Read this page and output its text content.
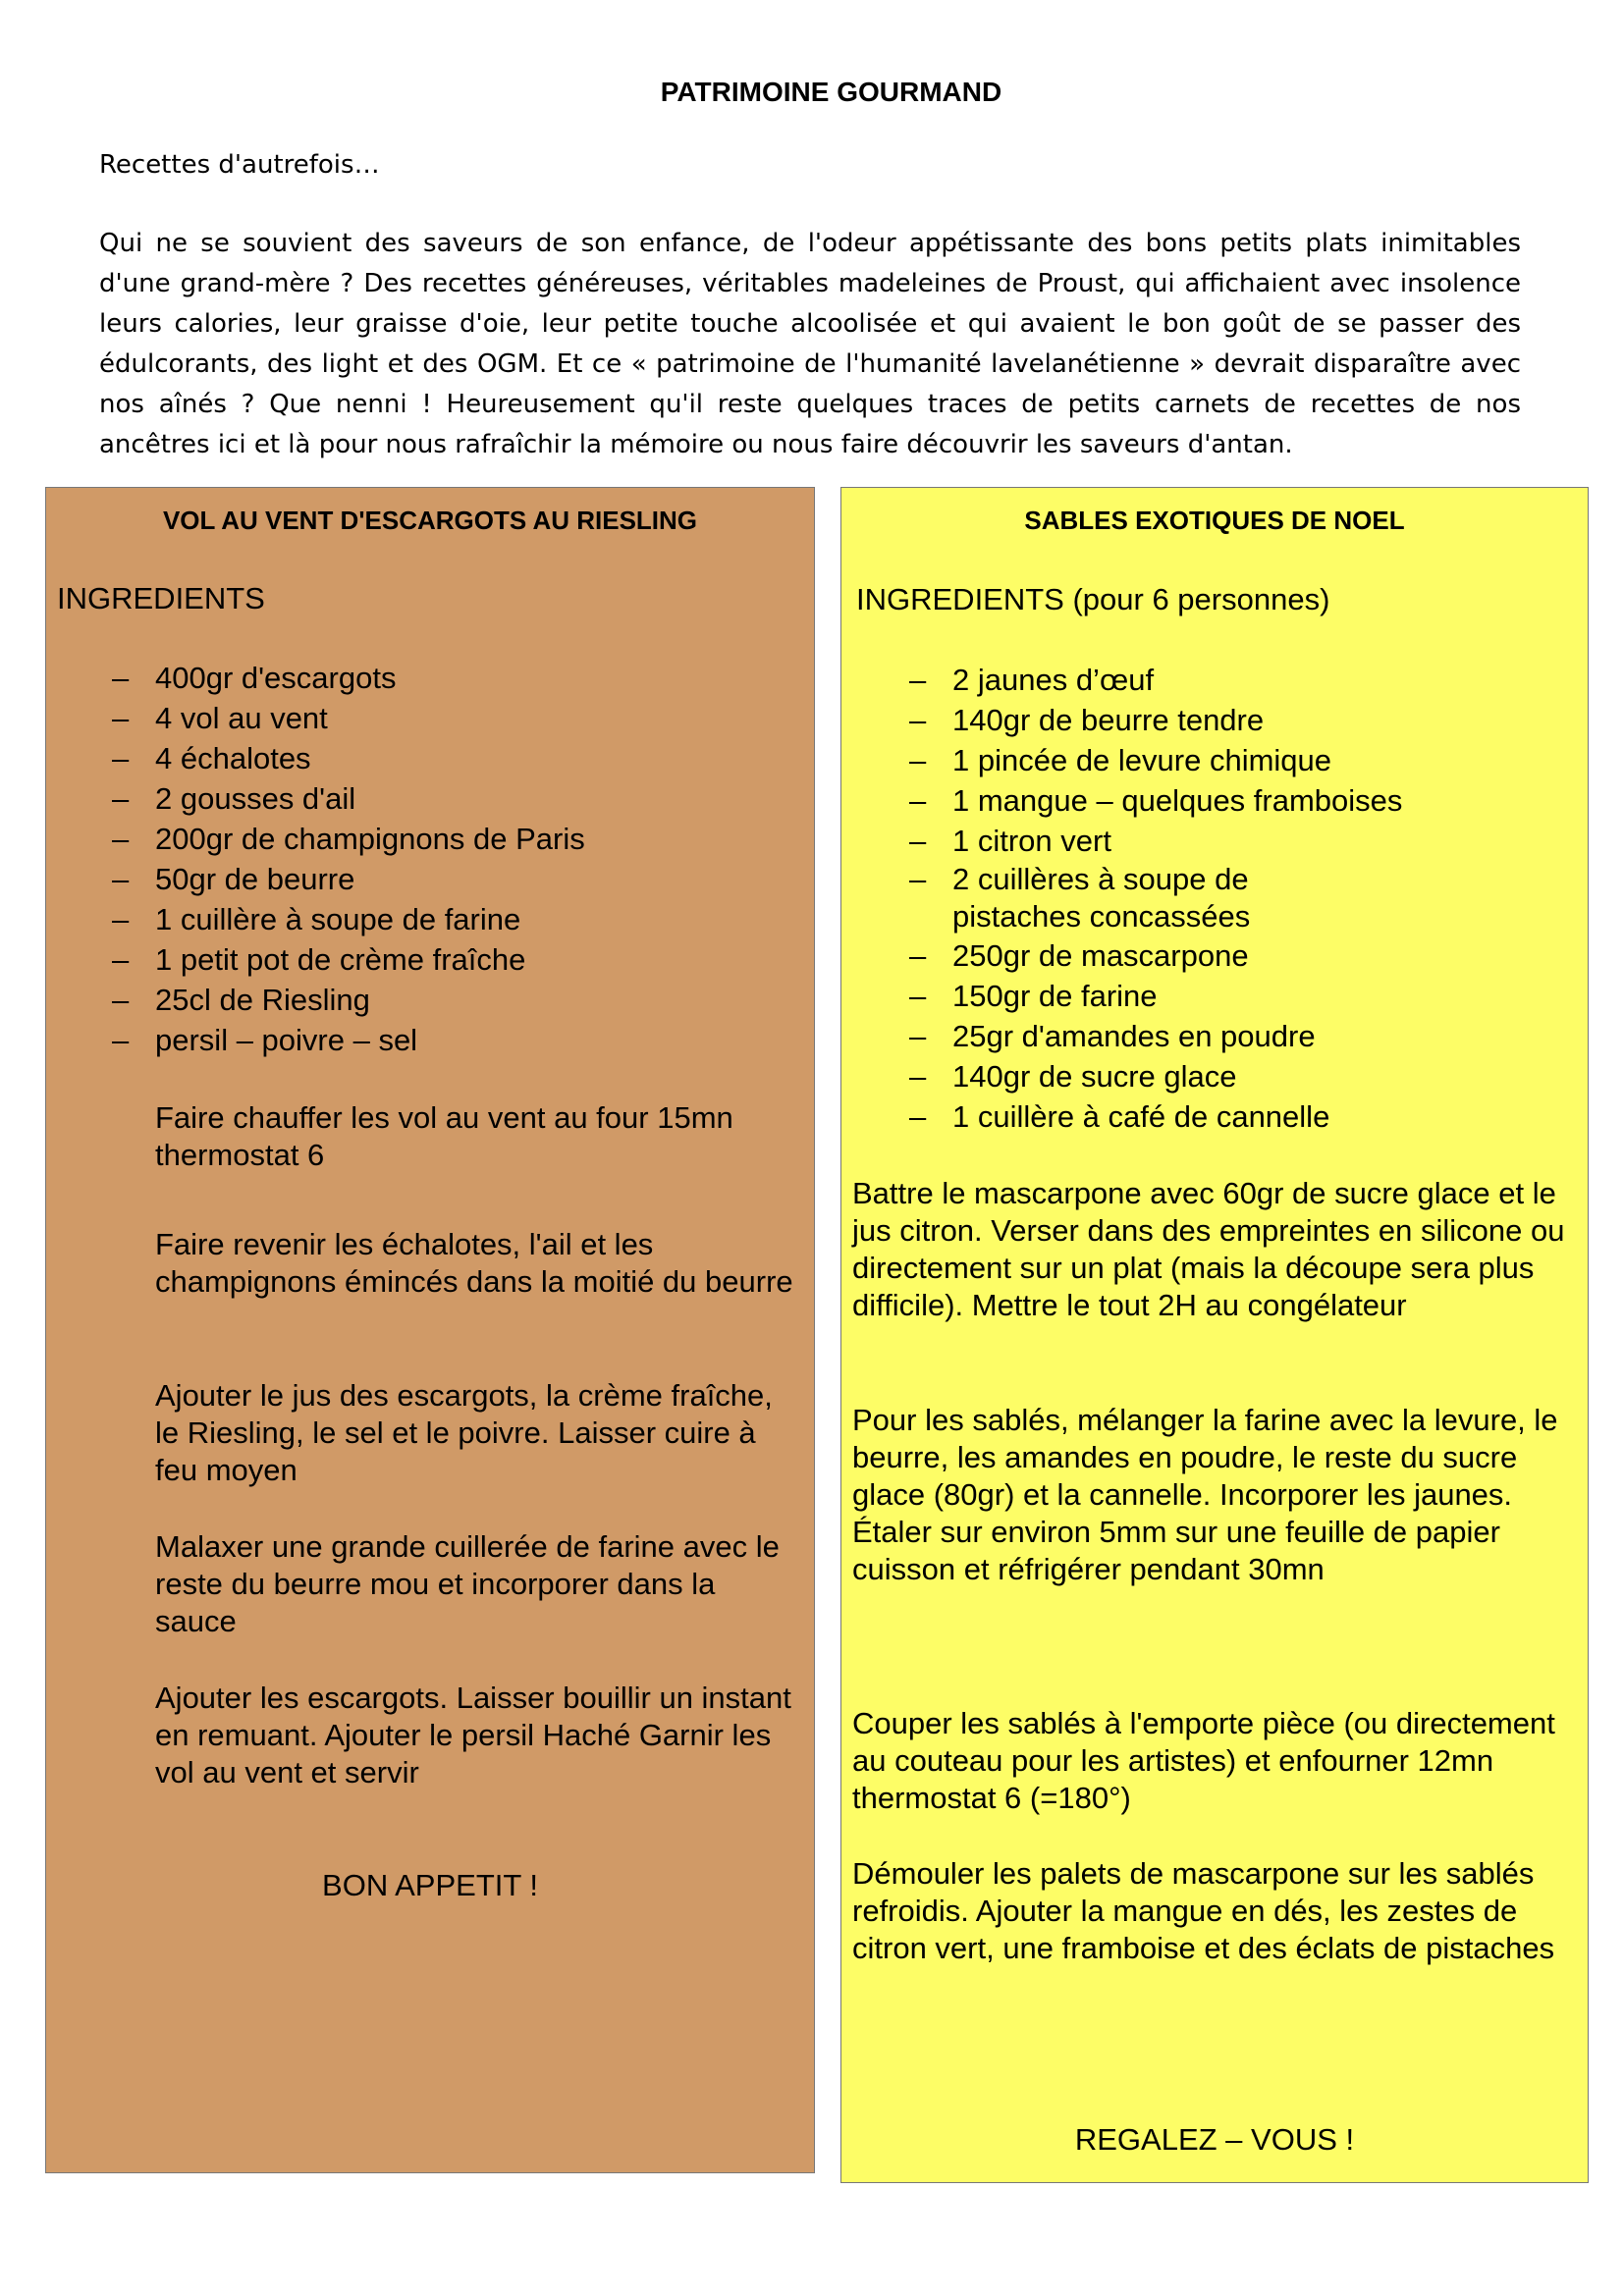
PATRIMOINE GOURMAND
Recettes d'autrefois…
Qui ne se souvient des saveurs de son enfance, de l'odeur appétissante des bons petits plats inimitables d'une grand-mère ? Des recettes généreuses, véritables madeleines de Proust, qui affichaient avec insolence leurs calories, leur graisse d'oie, leur petite touche alcoolisée et qui avaient le bon goût de se passer des édulcorants, des light et des OGM. Et ce « patrimoine de l'humanité lavelanétienne » devrait disparaître avec nos aînés ? Que nenni ! Heureusement qu'il reste quelques traces de petits carnets de recettes de nos ancêtres ici et là pour nous rafraîchir la mémoire ou nous faire découvrir les saveurs d'antan.
VOL AU VENT D'ESCARGOTS AU RIESLING
INGREDIENTS
– 400gr d'escargots
– 4 vol au vent
– 4 échalotes
– 2 gousses d'ail
– 200gr de champignons de Paris
– 50gr de beurre
– 1 cuillère à soupe de farine
– 1 petit pot de crème fraîche
– 25cl de Riesling
– persil – poivre – sel
Faire chauffer les vol au vent au four 15mn thermostat 6
Faire revenir les échalotes, l'ail et les champignons émincés dans la moitié du beurre
Ajouter le jus des escargots, la crème fraîche, le Riesling, le sel et le poivre. Laisser cuire à feu moyen
Malaxer une grande cuillerée de farine avec le reste du beurre mou et incorporer dans la sauce
Ajouter les escargots. Laisser bouillir un instant en remuant. Ajouter le persil Haché Garnir les vol au vent et servir
BON APPETIT !
SABLES EXOTIQUES DE NOEL
INGREDIENTS (pour 6 personnes)
– 2 jaunes d’œuf
– 140gr de beurre tendre
– 1 pincée de levure chimique
– 1 mangue – quelques framboises
– 1 citron vert
– 2 cuillères à soupe de pistaches concassées
– 250gr de mascarpone
– 150gr de farine
– 25gr d'amandes en poudre
– 140gr de sucre glace
– 1 cuillère à café de cannelle
Battre le mascarpone avec 60gr de sucre glace et le jus citron. Verser dans des empreintes en silicone ou directement sur un plat (mais la découpe sera plus difficile). Mettre le tout 2H au congélateur
Pour les sablés, mélanger la farine avec la levure, le beurre, les amandes en poudre, le reste du sucre glace (80gr) et la cannelle. Incorporer les jaunes. Étaler sur environ 5mm sur une feuille de papier cuisson et réfrigérer pendant 30mn
Couper les sablés à l'emporte pièce (ou directement au couteau pour les artistes) et enfourner 12mn thermostat 6 (=180°)
Démouler les palets de mascarpone sur les sablés refroidis. Ajouter la mangue en dés, les zestes de citron vert, une framboise et des éclats de pistaches
REGALEZ – VOUS !
